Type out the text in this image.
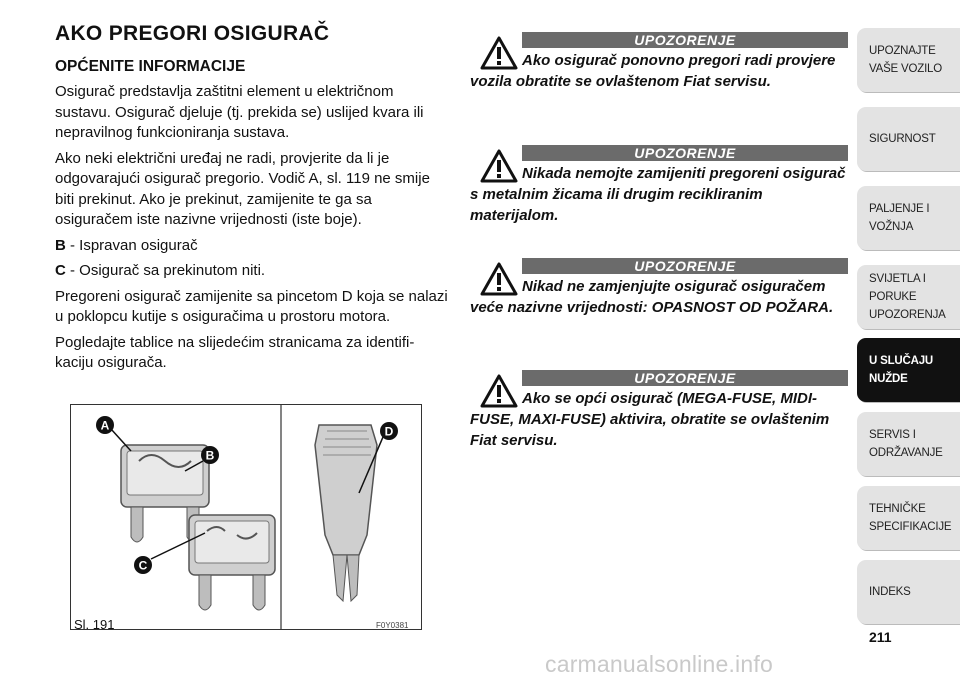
AKO PREGORI OSIGURAČ
OPĆENITE INFORMACIJE

Osigurač predstavlja zaštitni element u električnom sustavu. Osigurač djeluje (tj. prekida se) uslijed kvara ili nepravilnog funkcioniranja sustava.

Ako neki električni uređaj ne radi, provjerite da li je odgovarajući osigurač pregorio. Vodič A, sl. 119 ne smije biti prekinut. Ako je prekinut, zamijenite te ga sa osiguračem iste nazivne vrijednosti (iste boje).

B - Ispravan osigurač

C - Osigurač sa prekinutom niti.

Pregoreni osigurač zamijenite sa pincetom D koja se nalazi u poklopcu kutije s osiguračima u prostoru motora.

Pogledajte tablice na slijedećim stranicama za identifi-kaciju osigurača.

A
B
C
D
Sl. 191	F0Y0381
UPOZORENJE
Ako osigurač ponovno pregori radi provjere vozila obratite se ovlaštenom Fiat servisu.
UPOZORENJE
Nikada nemojte zamijeniti pregoreni osigurač s metalnim žicama ili drugim recikliranim materijalom.
UPOZORENJE
Nikad ne zamjenjujte osigurač osiguračem veće nazivne vrijednosti: OPASNOST OD POŽARA.
UPOZORENJE
Ako se opći osigurač (MEGA-FUSE, MIDI-FUSE, MAXI-FUSE) aktivira, obratite se ovlaštenim Fiat servisu.
UPOZNAJTE
VAŠE VOZILO
SIGURNOST
PALJENJE I
VOŽNJA
SVIJETLA I PORUKE
UPOZORENJA
U SLUČAJU
NUŽDE
SERVIS I
ODRŽAVANJE
TEHNIČKE
SPECIFIKACIJE
INDEKS
211
carmanualsonline.info
